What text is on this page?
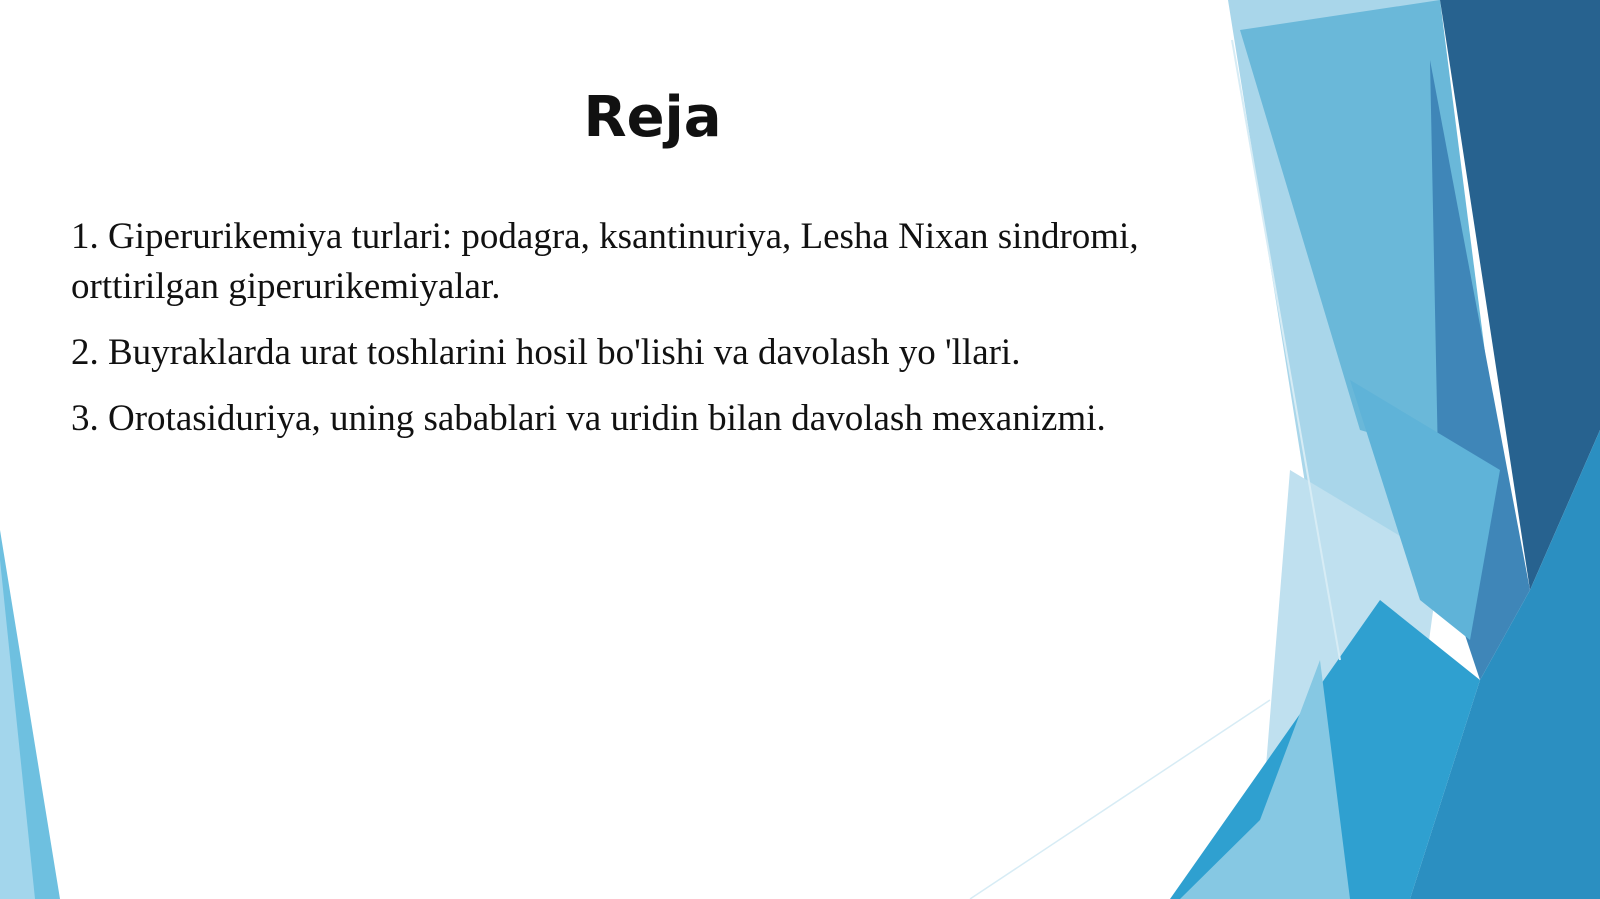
Reja
1. Giperurikemiya turlari: podagra, ksantinuriya, Lesha Nixan sindromi, orttirilgan giperurikemiyalar.
2. Buyraklarda urat toshlarini hosil bo'lishi va davolash yo 'llari.
3. Orotasiduriya, uning sabablari va uridin bilan davolash mexanizmi.
